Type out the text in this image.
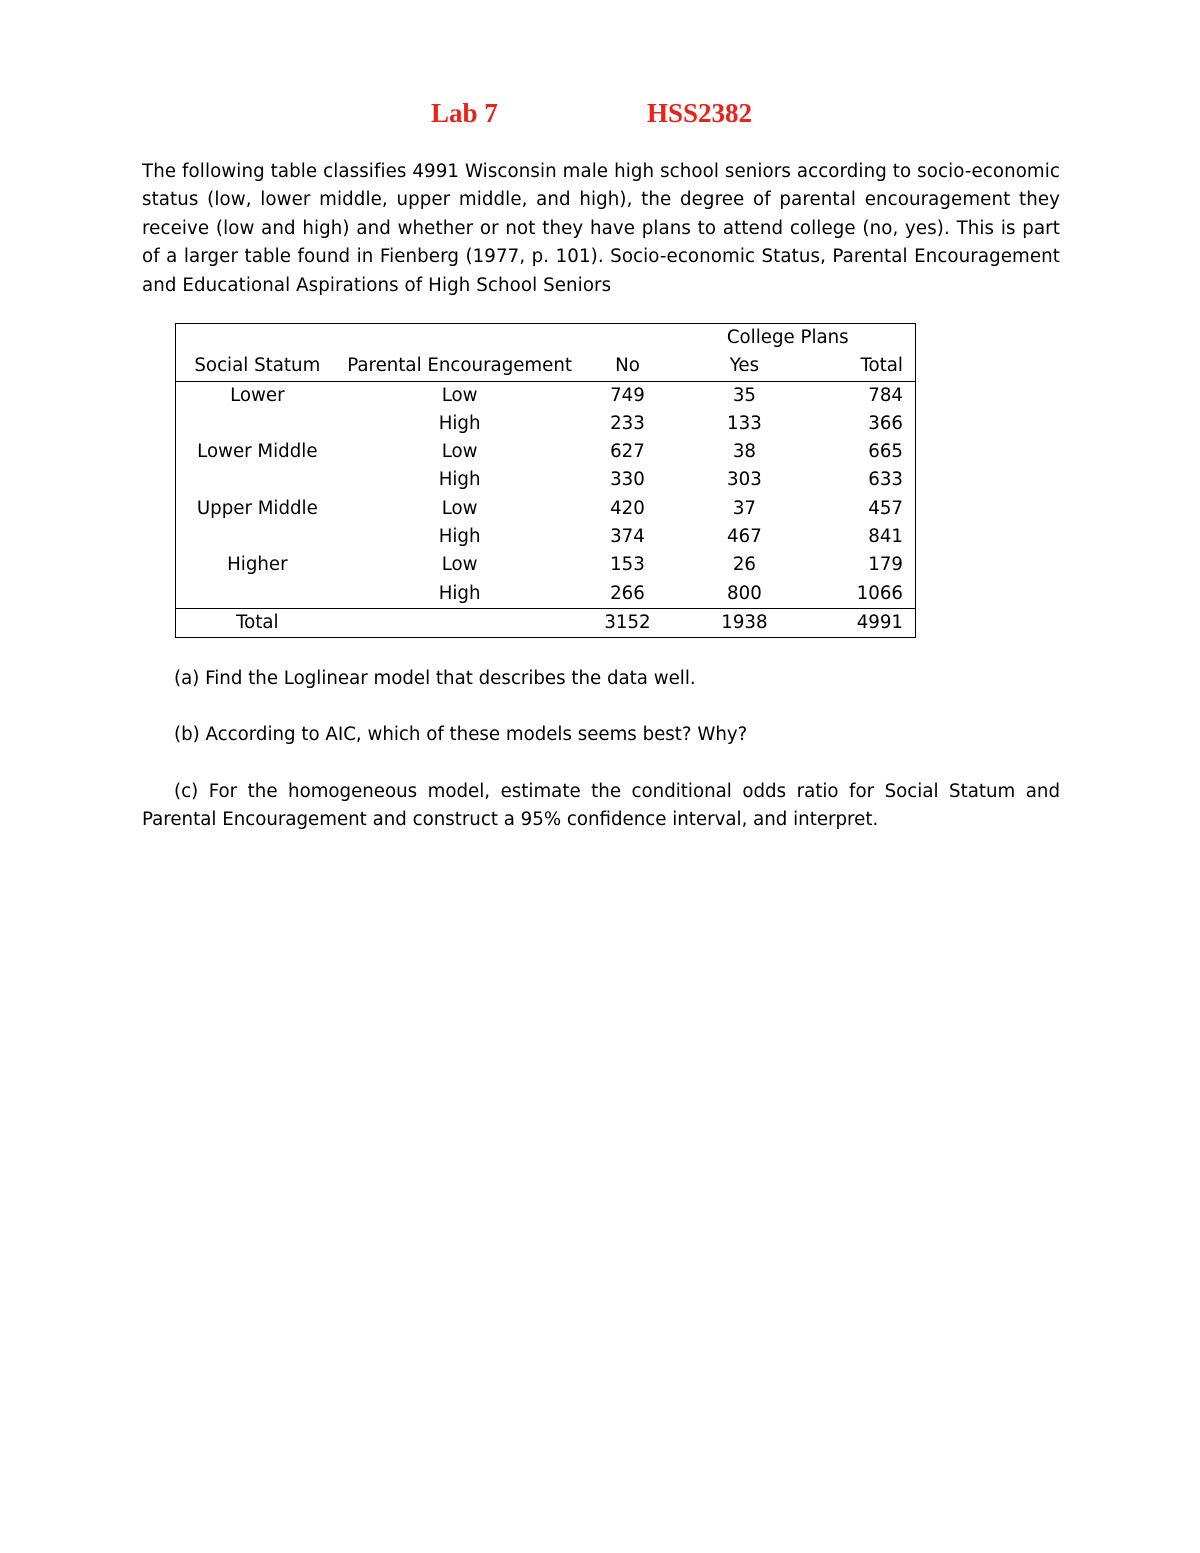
Lab 7	HSS2382
The following table classifies 4991 Wisconsin male high school seniors according to socio-economic status (low, lower middle, upper middle, and high), the degree of parental encouragement they receive (low and high) and whether or not they have plans to attend college (no, yes). This is part of a larger table found in Fienberg (1977, p. 101). Socio-economic Status, Parental Encouragement and Educational Aspirations of High School Seniors
		College Plans		
Social Statum	Parental Encouragement	No	Yes	Total
Lower	Low	749	35	784
	High	233	133	366
Lower Middle	Low	627	38	665
	High	330	303	633
Upper Middle	Low	420	37	457
	High	374	467	841
Higher	Low	153	26	179
	High	266	800	1066
Total		3152	1938	4991
(a) Find the Loglinear model that describes the data well.
(b) According to AIC, which of these models seems best? Why?
(c) For the homogeneous model, estimate the conditional odds ratio for Social Statum and Parental Encouragement and construct a 95% confidence interval, and interpret.
